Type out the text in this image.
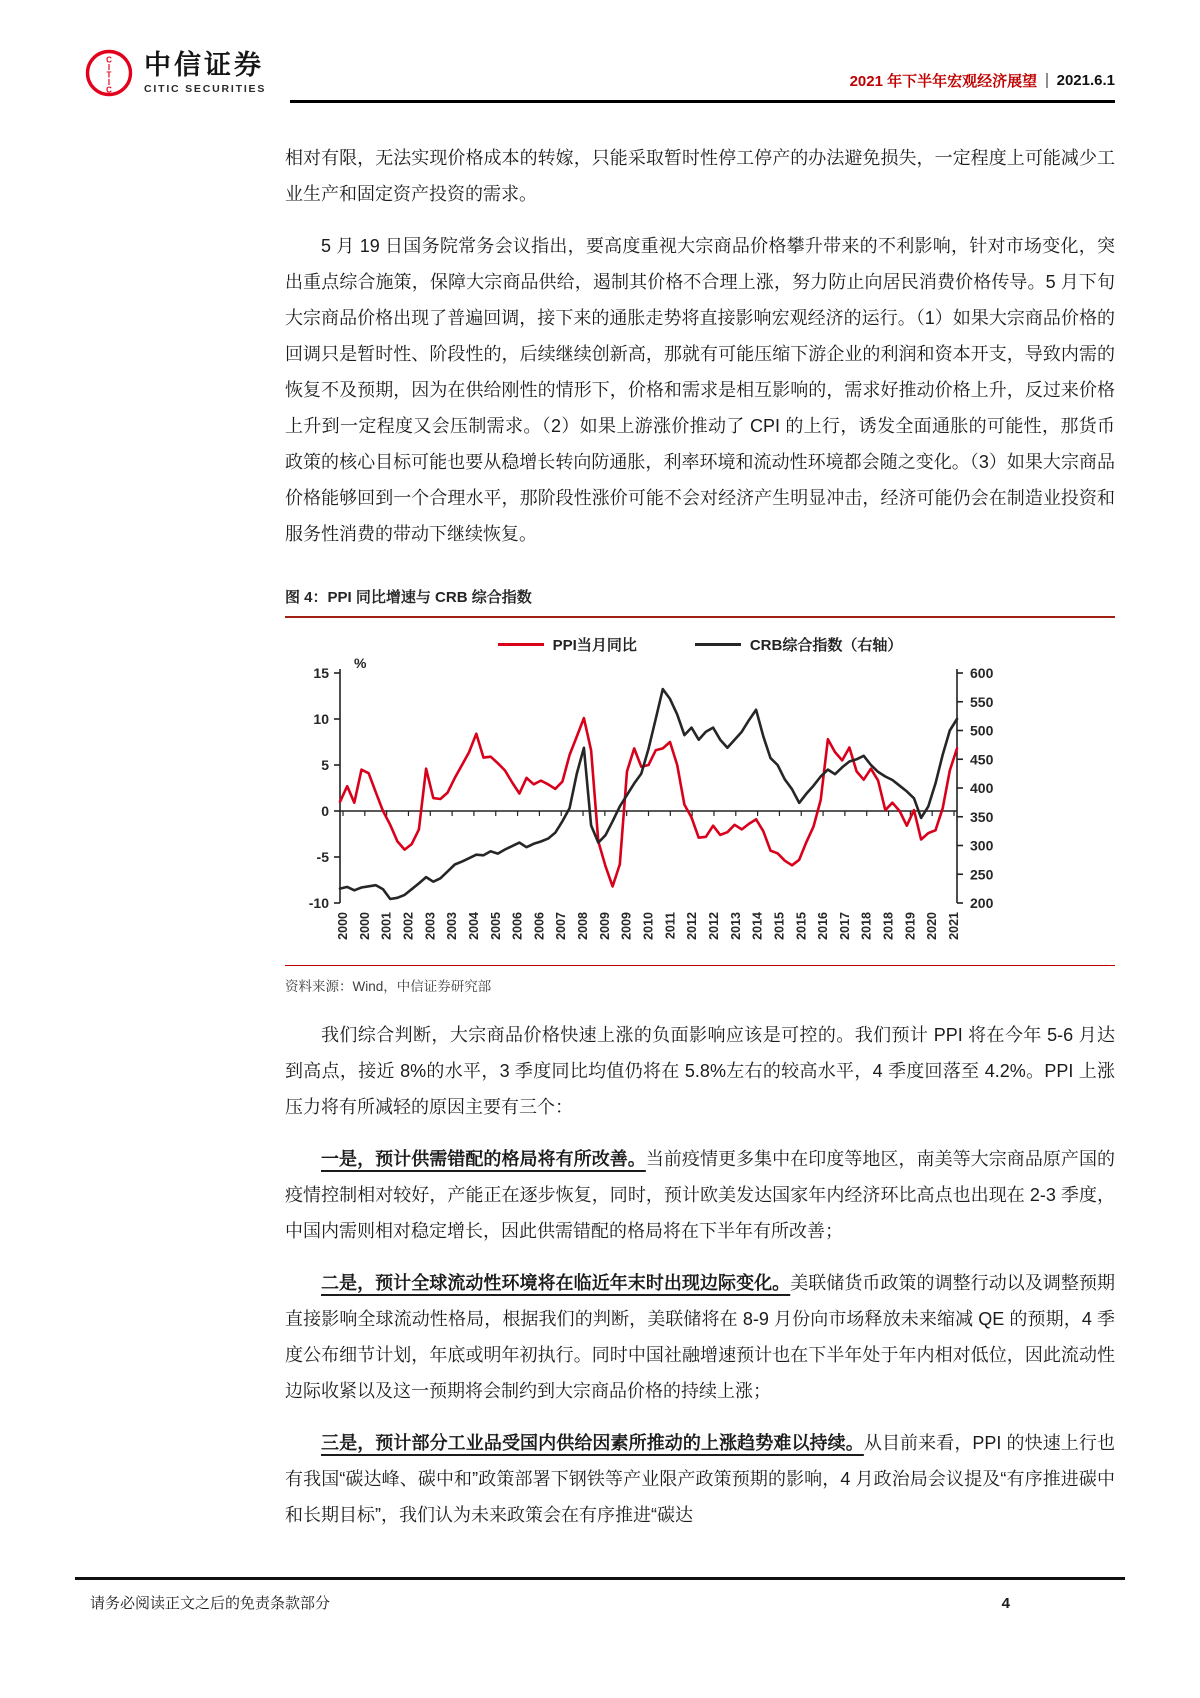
C
I
T
I
C
中信证券
CITIC SECURITIES	2021 年下半年宏观经济展望 2021.6.1

相对有限，无法实现价格成本的转嫁，只能采取暂时性停工停产的办法避免损失，一定程度上可能减少工业生产和固定资产投资的需求。

5 月 19 日国务院常务会议指出，要高度重视大宗商品价格攀升带来的不利影响，针对市场变化，突出重点综合施策，保障大宗商品供给，遏制其价格不合理上涨，努力防止向居民消费价格传导。5 月下旬大宗商品价格出现了普遍回调，接下来的通胀走势将直接影响宏观经济的运行。（1）如果大宗商品价格的回调只是暂时性、阶段性的，后续继续创新高，那就有可能压缩下游企业的利润和资本开支，导致内需的恢复不及预期，因为在供给刚性的情形下，价格和需求是相互影响的，需求好推动价格上升，反过来价格上升到一定程度又会压制需求。（2）如果上游涨价推动了 CPI 的上行，诱发全面通胀的可能性，那货币政策的核心目标可能也要从稳增长转向防通胀，利率环境和流动性环境都会随之变化。（3）如果大宗商品价格能够回到一个合理水平，那阶段性涨价可能不会对经济产生明显冲击，经济可能仍会在制造业投资和服务性消费的带动下继续恢复。

图 4：PPI 同比增速与 CRB 综合指数
PPI当月同比	CRB综合指数（右轴）
15
10
5
0
-5
-10
600
550
500
450
400
350
300
250
200
%
2000 2000 2001 2002 2003 2003 2004 2005 2006 2006 2007 2008 2009 2009 2010 2011 2012 2012 2013 2014 2015 2015 2016 2017 2018 2018 2019 2020 2021
资料来源：Wind，中信证券研究部

我们综合判断，大宗商品价格快速上涨的负面影响应该是可控的。我们预计 PPI 将在今年 5-6 月达到高点，接近 8%的水平，3 季度同比均值仍将在 5.8%左右的较高水平，4 季度回落至 4.2%。PPI 上涨压力将有所减轻的原因主要有三个：

一是，预计供需错配的格局将有所改善。当前疫情更多集中在印度等地区，南美等大宗商品原产国的疫情控制相对较好，产能正在逐步恢复，同时，预计欧美发达国家年内经济环比高点也出现在 2-3 季度，中国内需则相对稳定增长，因此供需错配的格局将在下半年有所改善；

二是，预计全球流动性环境将在临近年末时出现边际变化。美联储货币政策的调整行动以及调整预期直接影响全球流动性格局，根据我们的判断，美联储将在 8-9 月份向市场释放未来缩减 QE 的预期，4 季度公布细节计划，年底或明年初执行。同时中国社融增速预计也在下半年处于年内相对低位，因此流动性边际收紧以及这一预期将会制约到大宗商品价格的持续上涨；

三是，预计部分工业品受国内供给因素所推动的上涨趋势难以持续。从目前来看，PPI 的快速上行也有我国“碳达峰、碳中和”政策部署下钢铁等产业限产政策预期的影响，4 月政治局会议提及“有序推进碳中和长期目标”，我们认为未来政策会在有序推进“碳达

请务必阅读正文之后的免责条款部分	4
